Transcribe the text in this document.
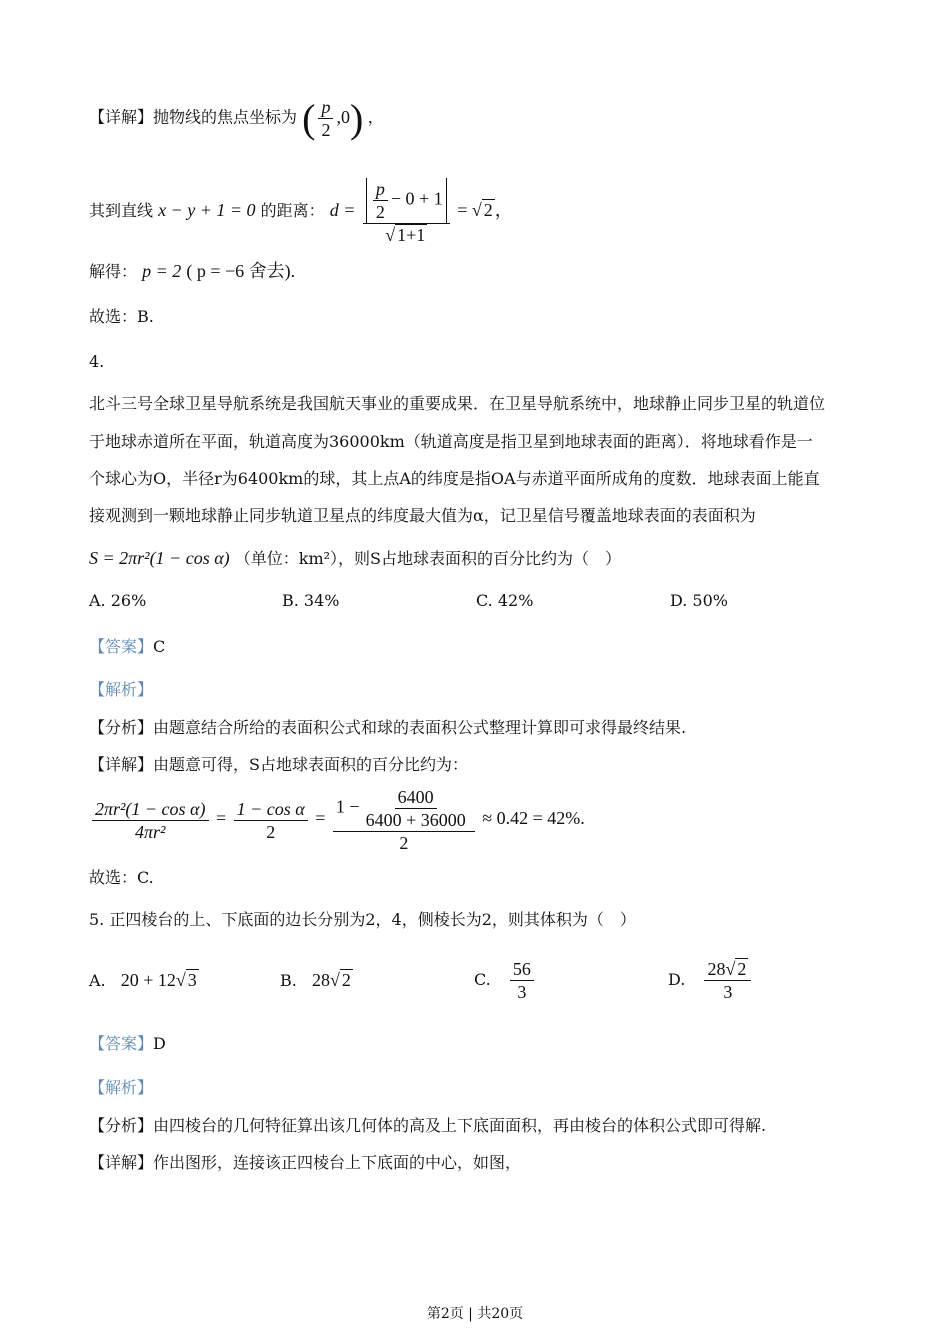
【详解】抛物线的焦点坐标为 ( $\frac{p}{2} ,0$) ，
其到直线 x − y + 1 = 0 的距离： $d = \frac{\frac{p}{2} - 0 + 1}{√ 1+1}$ = √ 2 ，
解得： p = 2 ( p = −6 舍去).
故选：B.
4.
北斗三号全球卫星导航系统是我国航天事业的重要成果．在卫星导航系统中，地球静止同步卫星的轨道位
于地球赤道所在平面，轨道高度为36000km（轨道高度是指卫星到地球表面的距离）．将地球看作是一
个球心为O，半径r为6400km的球，其上点A的纬度是指OA与赤道平面所成角的度数．地球表面上能直
接观测到一颗地球静止同步轨道卫星点的纬度最大值为α，记卫星信号覆盖地球表面的表面积为
S = 2πr²(1 − cos α) （单位：km²），则S占地球表面积的百分比约为（　）
A. 26%	B. 34%	C. 42%	D. 50%
【答案】C
【解析】
【分析】由题意结合所给的表面积公式和球的表面积公式整理计算即可求得最终结果.
【详解】由题意可得，S占地球表面积的百分比约为：
$\frac{\text{2πr²(1 − cos α)}}{\text{4πr²}} = \frac{\text{1 − cos α}}{2} = \frac{1 - \frac{6400}{6400 + 36000}}{2} \approx 0.42 = 42\%$.
故选：C.
5. 正四棱台的上、下底面的边长分别为2，4，侧棱长为2，则其体积为（　）
A. 20 + 12√ 3	B. 28√ 2	C. $\frac{56}{3}$	D. $\frac{28√ 2}{3}$
【答案】D
【解析】
【分析】由四棱台的几何特征算出该几何体的高及上下底面面积，再由棱台的体积公式即可得解.
【详解】作出图形，连接该正四棱台上下底面的中心，如图，
第2页 | 共20页
